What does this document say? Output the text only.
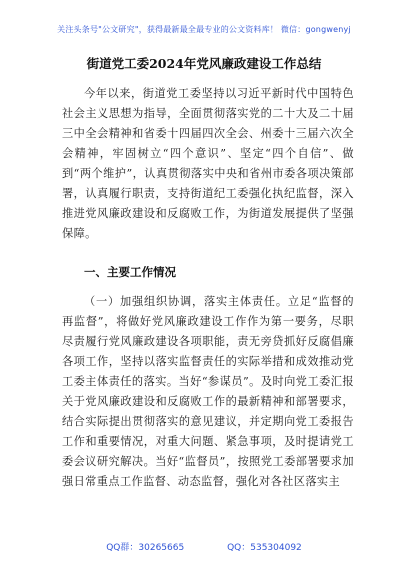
关注头条号"公文研究"，获得最新最全最专业的公文资料库！ 微信：gongwenyj
街道党工委2024年党风廉政建设工作总结

今年以来，街道党工委坚持以习近平新时代中国特色社会主义思想为指导，全面贯彻落实党的二十大及二十届三中全会精神和省委十四届四次全会、州委十三届六次全会精神，牢固树立“四个意识”、坚定“四个自信”、做到“两个维护”，认真贯彻落实中央和省州市委各项决策部署，认真履行职责，支持街道纪工委强化执纪监督，深入推进党风廉政建设和反腐败工作，为街道发展提供了坚强保障。

一、主要工作情况

（一）加强组织协调，落实主体责任。立足“监督的再监督”，将做好党风廉政建设工作作为第一要务，尽职尽责履行党风廉政建设各项职能，责无旁贷抓好反腐倡廉各项工作，坚持以落实监督责任的实际举措和成效推动党工委主体责任的落实。当好“参谋员”。及时向党工委汇报关于党风廉政建设和反腐败工作的最新精神和部署要求，结合实际提出贯彻落实的意见建议，并定期向党工委报告工作和重要情况，对重大问题、紧急事项，及时提请党工委会议研究解决。当好“监督员”，按照党工委部署要求加强日常重点工作监督、动态监督，强化对各社区落实主

QQ群：30265665	QQ：535304092
